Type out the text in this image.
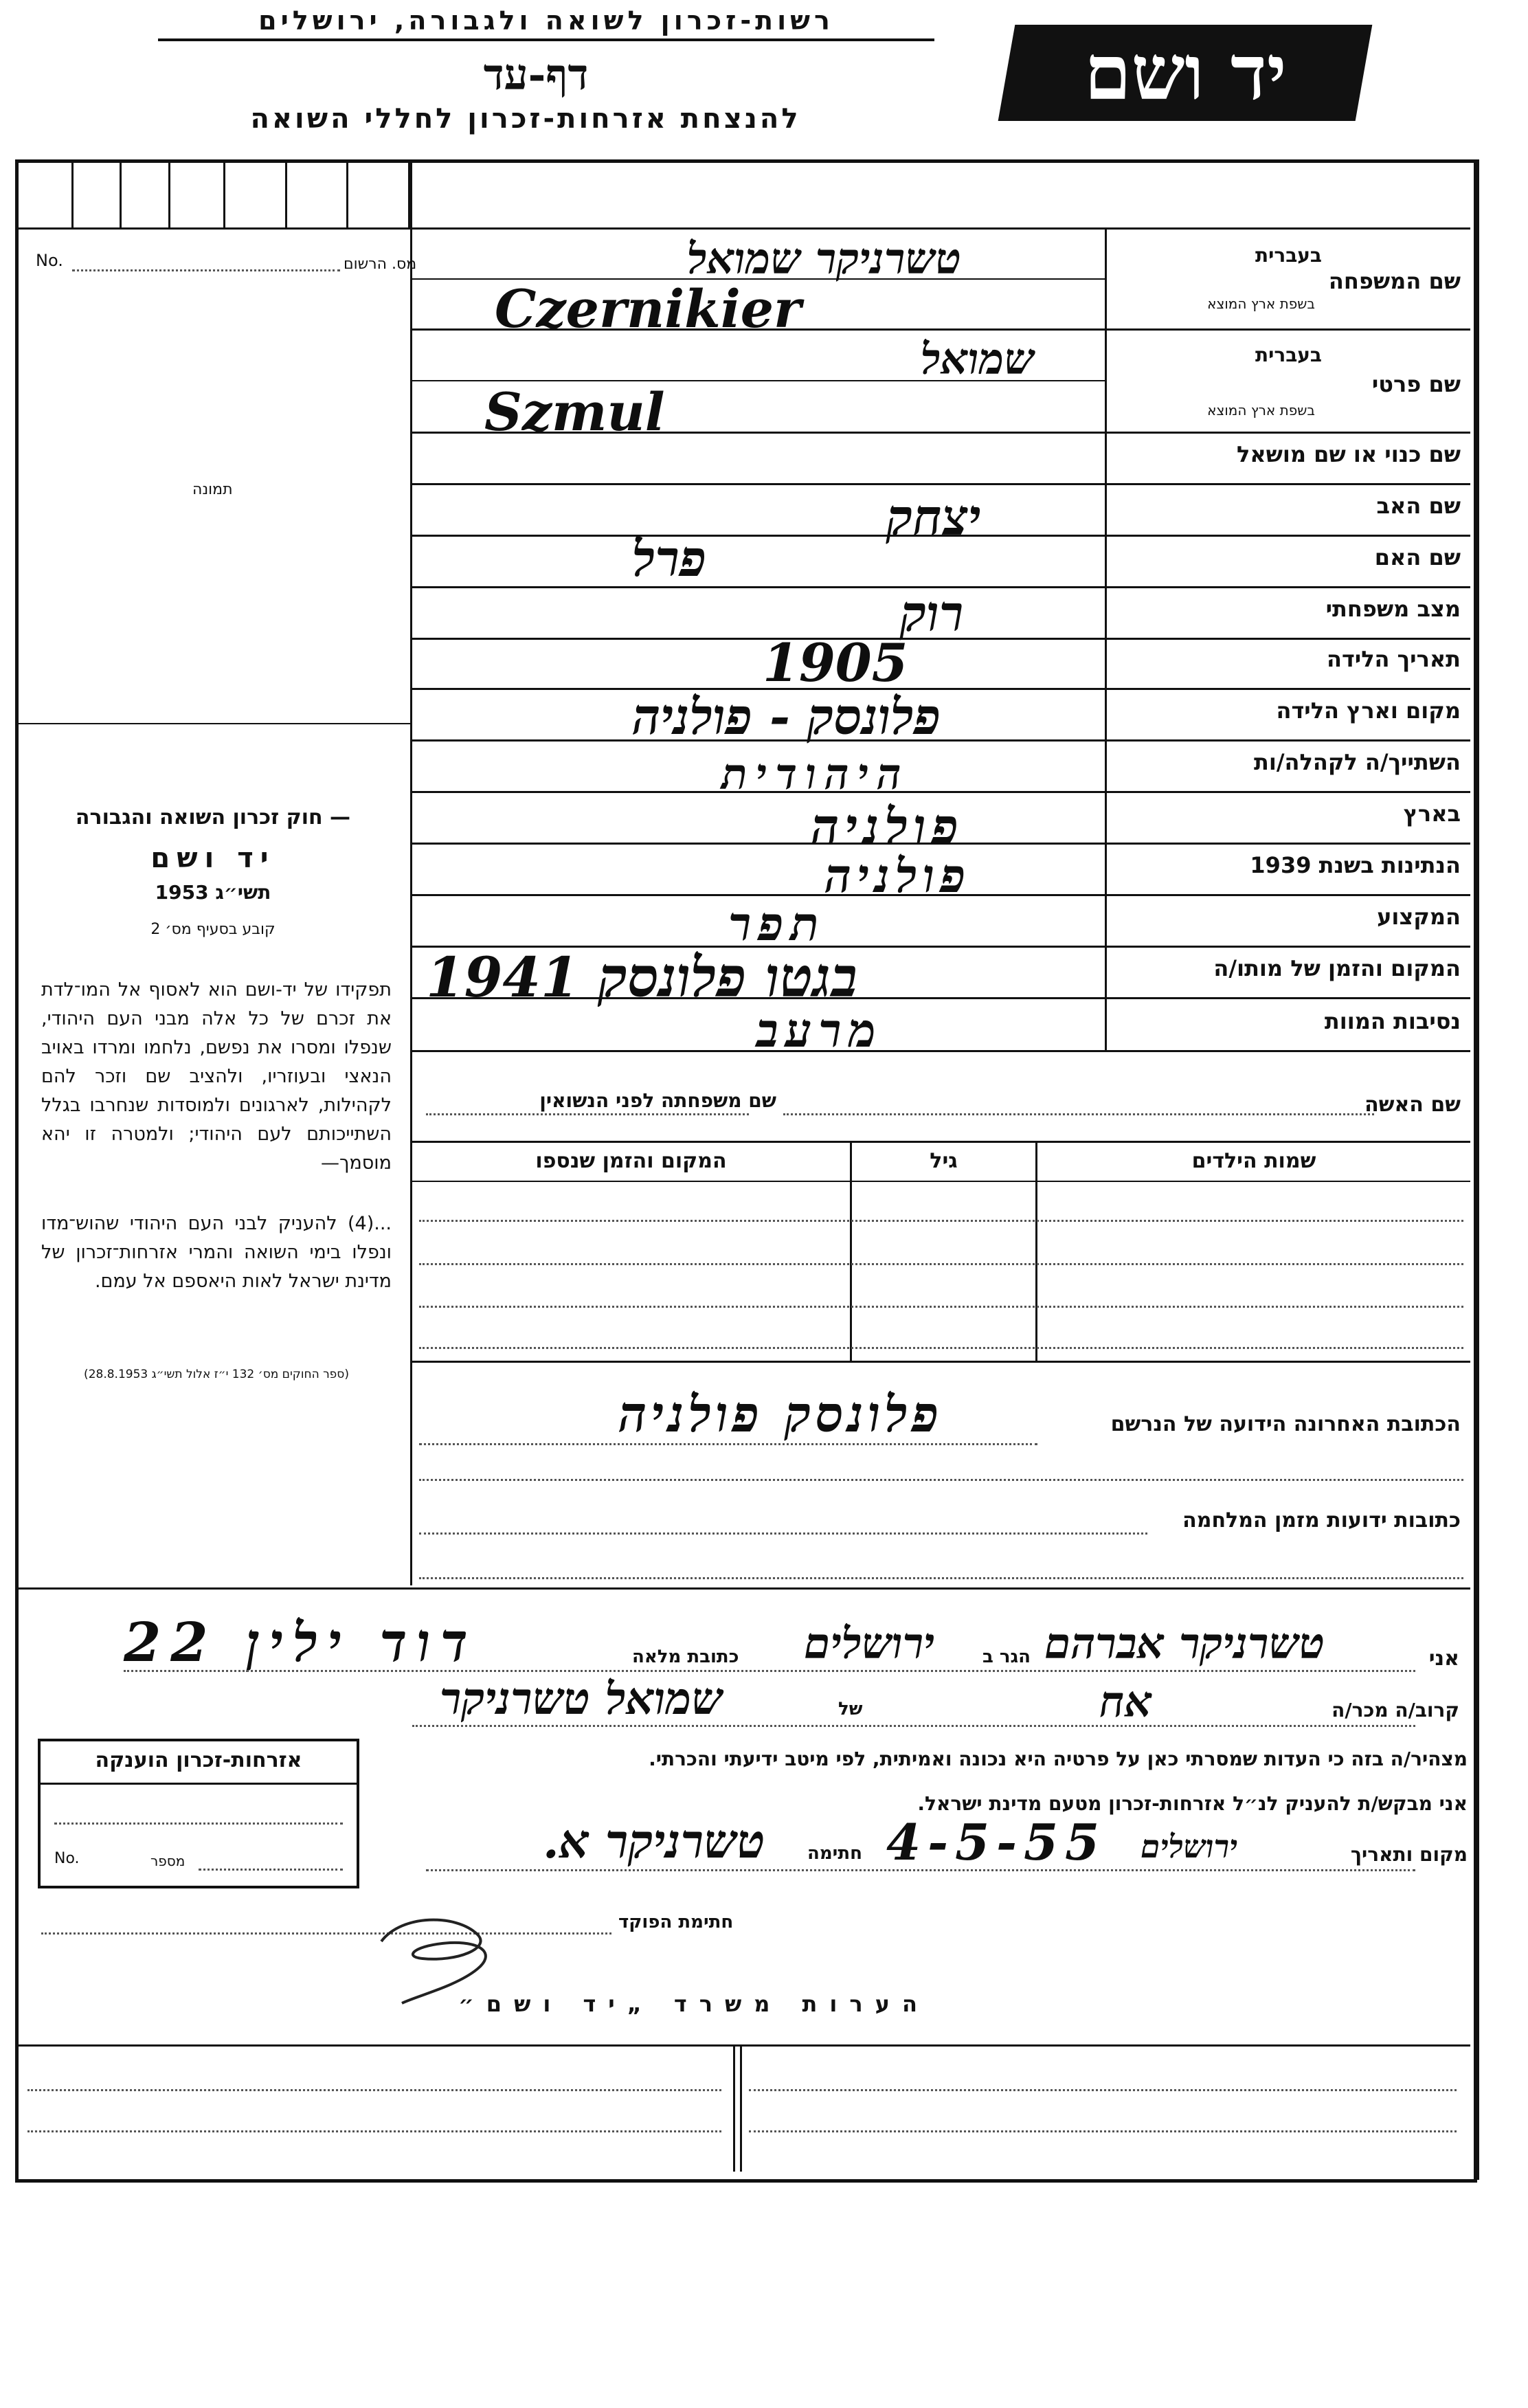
רשות-זכרון לשואה ולגבורה, ירושלים
דף-עד
להנצחת אזרחות-זכרון לחללי השואה
יד ושם
מס. הרשום
No.
תמונה
שם המשפחה
בעברית
בשפת ארץ המוצא
שם פרטי
בעברית
בשפת ארץ המוצא
שם כנוי או שם מושאל
שם האב
שם האם
מצב משפחתי
תאריך הלידה
מקום וארץ הלידה
השתייך/ה לקהלה/ות
בארץ
הנתינות בשנת 1939
המקצוע
המקום והזמן של מותו/ה
נסיבות המוות
טשרניקר שמואל
Czernikier
שמואל
Szmul
יצחק
פרל
רוק
1905
פלונסק - פולניה
היהודית
פולניה
פולניה
תפר
בגטו פלונסק 1941
מרעב
שם האשה
שם משפחתה לפני הנשואין
שמות הילדים
גיל
המקום והזמן שנספו
הכתובת האחרונה הידועה של הנרשם
פלונסק פולניה
כתובות ידועות מזמן המלחמה
— חוק זכרון השואה והגבורה
יד ושם
תשי״ג 1953
קובע בסעיף מס׳ 2
תפקידו של יד-ושם הוא לאסוף אל המו־לדת את זכרם של כל אלה מבני העם היהודי, שנפלו ומסרו את נפשם, נלחמו ומרדו באויב הנאצי ובעוזריו, ולהציב שם וזכר להם לקהילות, לארגונים ולמוסדות שנחרבו בגלל השתייכותם לעם היהודי; ולמטרה זו יהא מוסמך—
...(4) להעניק לבני העם היהודי שהוש־מדו ונפלו בימי השואה והמרי אזרחות־זכרון של מדינת ישראל לאות היאספם אל עמם.
(ספר החוקים מס׳ 132 י״ז אלול תשי״ג 28.8.1953)
אני
טשרניקר אברהם
הגר ב
ירושלים
כתובת מלאה
דוד ילין 22
קרוב/ה מכר/ה
אח
של
שמואל טשרניקר
מצהיר/ה בזה כי העדות שמסרתי כאן על פרטיה היא נכונה ואמיתית, לפי מיטב ידיעתי והכרתי.
אני מבקש/ת להעניק לנ״ל אזרחות-זכרון מטעם מדינת ישראל.
מקום ותאריך
ירושלים
4-5-55
חתימה
טשרניקר א.
חתימת הפוקד
אזרחות-זכרון הוענקה
No.	מספר
הערות משרד „יד ושם״
